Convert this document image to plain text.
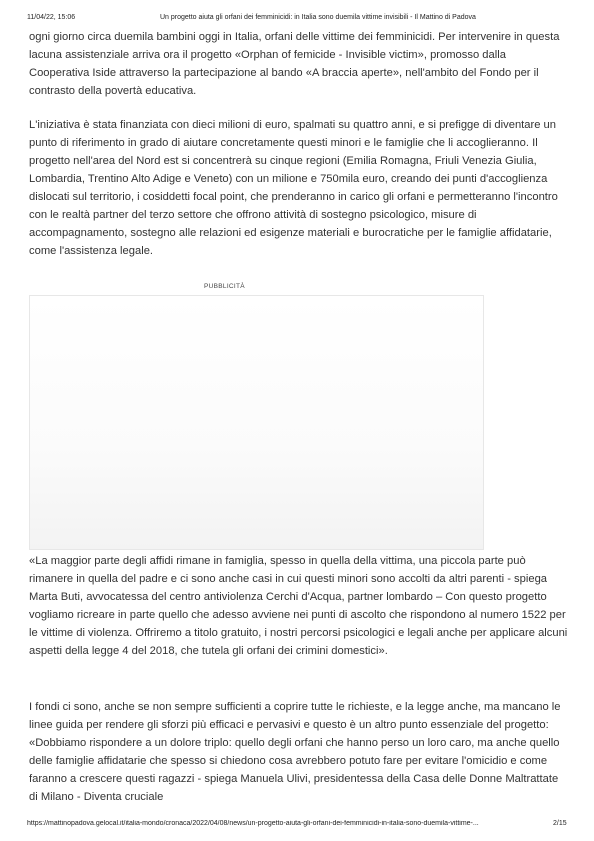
11/04/22, 15:06	Un progetto aiuta gli orfani dei femminicidi: in Italia sono duemila vittime invisibili - Il Mattino di Padova

ogni giorno circa duemila bambini oggi in Italia, orfani delle vittime dei femminicidi. Per intervenire in questa lacuna assistenziale arriva ora il progetto «Orphan of femicide - Invisible victim», promosso dalla Cooperativa Iside attraverso la partecipazione al bando «A braccia aperte», nell'ambito del Fondo per il contrasto della povertà educativa.

L'iniziativa è stata finanziata con dieci milioni di euro, spalmati su quattro anni, e si prefigge di diventare un punto di riferimento in grado di aiutare concretamente questi minori e le famiglie che li accoglieranno. Il progetto nell'area del Nord est si concentrerà su cinque regioni (Emilia Romagna, Friuli Venezia Giulia, Lombardia, Trentino Alto Adige e Veneto) con un milione e 750mila euro, creando dei punti d'accoglienza dislocati sul territorio, i cosiddetti focal point, che prenderanno in carico gli orfani e permetteranno l'incontro con le realtà partner del terzo settore che offrono attività di sostegno psicologico, misure di accompagnamento, sostegno alle relazioni ed esigenze materiali e burocratiche per le famiglie affidatarie, come l'assistenza legale.

«La maggior parte degli affidi rimane in famiglia, spesso in quella della vittima, una piccola parte può rimanere in quella del padre e ci sono anche casi in cui questi minori sono accolti da altri parenti - spiega Marta Buti, avvocatessa del centro antiviolenza Cerchi d'Acqua, partner lombardo – Con questo progetto vogliamo ricreare in parte quello che adesso avviene nei punti di ascolto che rispondono al numero 1522 per le vittime di violenza. Offriremo a titolo gratuito, i nostri percorsi psicologici e legali anche per applicare alcuni aspetti della legge 4 del 2018, che tutela gli orfani dei crimini domestici».

I fondi ci sono, anche se non sempre sufficienti a coprire tutte le richieste, e la legge anche, ma mancano le linee guida per rendere gli sforzi più efficaci e pervasivi e questo è un altro punto essenziale del progetto: «Dobbiamo rispondere a un dolore triplo: quello degli orfani che hanno perso un loro caro, ma anche quello delle famiglie affidatarie che spesso si chiedono cosa avrebbero potuto fare per evitare l'omicidio e come faranno a crescere questi ragazzi - spiega Manuela Ulivi, presidentessa della Casa delle Donne Maltrattate di Milano - Diventa cruciale

PUBBLICITÀ
https://mattinopadova.gelocal.it/italia-mondo/cronaca/2022/04/08/news/un-progetto-aiuta-gli-orfani-dei-femminicidi-in-italia-sono-duemila-vittime-...	2/15
